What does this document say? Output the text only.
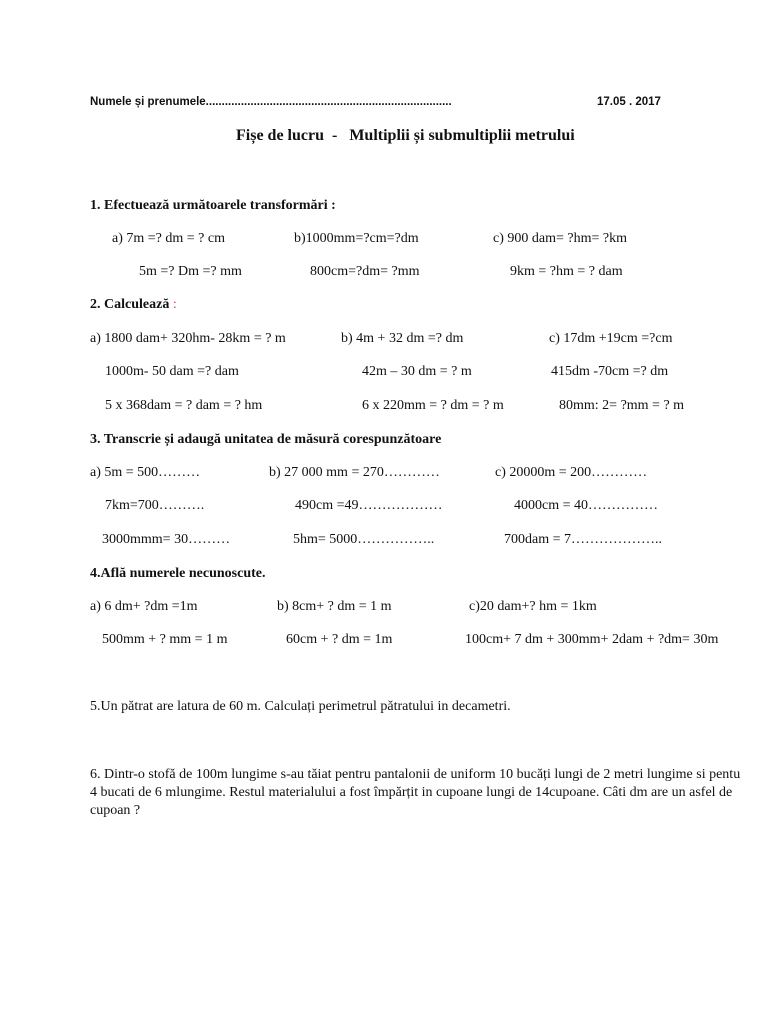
Numele și prenumele.............................................................................	17.05 . 2017
Fișe de lucru  -   Multiplii și submultiplii metrului
1. Efectuează următoarele transformări :
a) 7m =? dm = ? cm	b)1000mm=?cm=?dm	c) 900 dam= ?hm= ?km
5m =? Dm =? mm	800cm=?dm= ?mm	9km = ?hm = ? dam
2. Calculează :
a) 1800 dam+ 320hm- 28km = ? m	b) 4m + 32 dm =? dm	c) 17dm +19cm =?cm
1000m- 50 dam =? dam	42m – 30 dm = ? m	415dm -70cm =? dm
5 x 368dam = ? dam = ? hm	6 x 220mm = ? dm = ? m	80mm: 2= ?mm = ? m
3. Transcrie și adaugă unitatea de măsură corespunzătoare
a) 5m = 500………	b) 27 000 mm = 270…………	c) 20000m = 200…………
7km=700……….	490cm =49………………	4000cm = 40……………
3000mmm= 30………	5hm= 5000……………..	700dam = 7………………..
4.Află numerele necunoscute.
a) 6 dm+ ?dm =1m	b) 8cm+ ? dm = 1 m	c)20 dam+? hm = 1km
500mm + ? mm = 1 m	60cm + ? dm = 1m	100cm+ 7 dm + 300mm+ 2dam + ?dm= 30m
5.Un pătrat are latura de 60 m. Calculați perimetrul pătratului in decametri.
6. Dintr-o stofă de 100m lungime s-au tăiat pentru pantalonii de uniform 10 bucăți lungi de 2 metri lungime si pentu 4 bucati de 6 mlungime. Restul materialului a fost împărțit in cupoane lungi de 14cupoane. Câti dm are un asfel de cupoan ?
